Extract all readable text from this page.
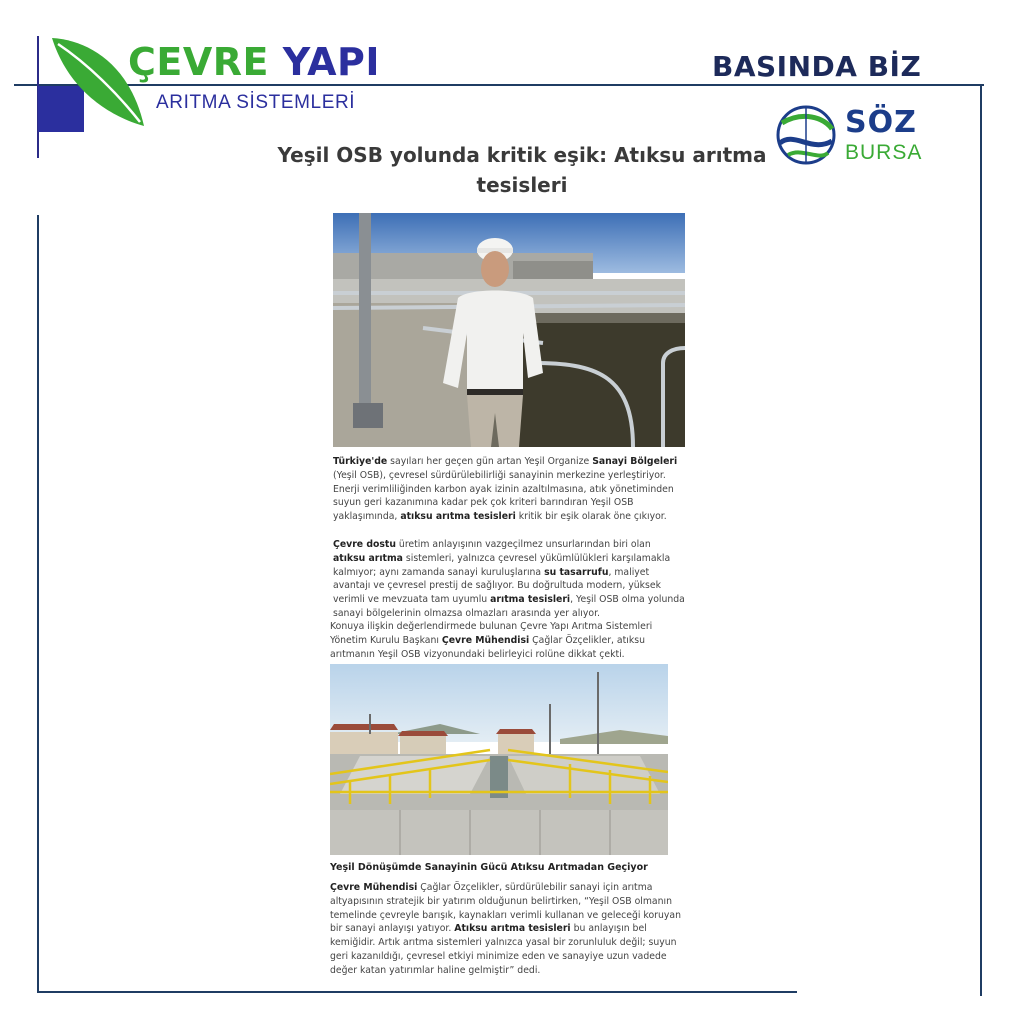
ÇEVRE YAPI
ARITMA SİSTEMLERİ
BASINDA BİZ
SÖZ
BURSA
Yeşil OSB yolunda kritik eşik: Atıksu arıtma tesisleri

Türkiye'de sayıları her geçen gün artan Yeşil Organize Sanayi Bölgeleri (Yeşil OSB), çevresel sürdürülebilirliği sanayinin merkezine yerleştiriyor. Enerji verimliliğinden karbon ayak izinin azaltılmasına, atık yönetiminden suyun geri kazanımına kadar pek çok kriteri barındıran Yeşil OSB yaklaşımında, atıksu arıtma tesisleri kritik bir eşik olarak öne çıkıyor.

Çevre dostu üretim anlayışının vazgeçilmez unsurlarından biri olan atıksu arıtma sistemleri, yalnızca çevresel yükümlülükleri karşılamakla kalmıyor; aynı zamanda sanayi kuruluşlarına su tasarrufu, maliyet avantajı ve çevresel prestij de sağlıyor. Bu doğrultuda modern, yüksek verimli ve mevzuata tam uyumlu arıtma tesisleri, Yeşil OSB olma yolunda sanayi bölgelerinin olmazsa olmazları arasında yer alıyor.

Konuya ilişkin değerlendirmede bulunan Çevre Yapı Arıtma Sistemleri Yönetim Kurulu Başkanı Çevre Mühendisi Çağlar Özçelikler, atıksu arıtmanın Yeşil OSB vizyonundaki belirleyici rolüne dikkat çekti.

Yeşil Dönüşümde Sanayinin Gücü Atıksu Arıtmadan Geçiyor

Çevre Mühendisi Çağlar Özçelikler, sürdürülebilir sanayi için arıtma altyapısının stratejik bir yatırım olduğunun belirtirken, “Yeşil OSB olmanın temelinde çevreyle barışık, kaynakları verimli kullanan ve geleceği koruyan bir sanayi anlayışı yatıyor. Atıksu arıtma tesisleri bu anlayışın bel kemiğidir. Artık arıtma sistemleri yalnızca yasal bir zorunluluk değil; suyun geri kazanıldığı, çevresel etkiyi minimize eden ve sanayiye uzun vadede değer katan yatırımlar haline gelmiştir” dedi.
